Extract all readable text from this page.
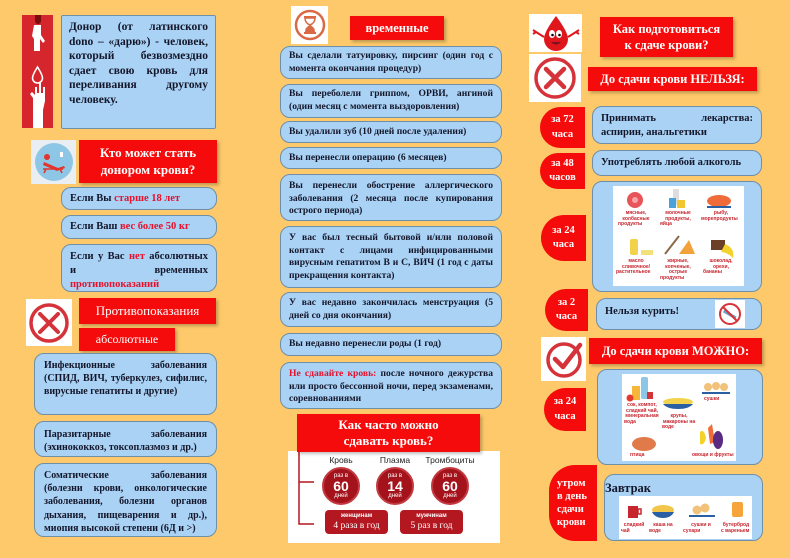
Донор (от латинского dono – «дарю») - человек, который безвозмездно сдает свою кровь для переливания другому человеку.
Кто может стать донором крови?
Если Вы старше 18 лет
Если Ваш вес более 50 кг
Если у Вас нет абсолютных и временных противопоказаний
Противопоказания
абсолютные
Инфекционные заболевания (СПИД, ВИЧ, туберкулез, сифилис, вирусные гепатиты и другие)
Паразитарные заболевания (эхинококкоз, токсоплазмоз и др.)
Соматические заболевания (болезни крови, онкологические заболевания, болезни органов дыхания, пищеварения и др.), миопия высокой степени (6Д и >)
временные
Вы сделали татуировку, пирсинг (один год с момента окончания процедур)
Вы переболели гриппом, ОРВИ, ангиной (один месяц с момента выздоровления)
Вы удалили зуб (10 дней после удаления)
Вы перенесли операцию (6 месяцев)
Вы перенесли обострение аллергического заболевания (2 месяца после купирования острого периода)
У вас был тесный бытовой и/или половой контакт с лицами инфицированными вирусным гепатитом В и С, ВИЧ (1 год с даты прекращения контакта)
У вас недавно закончилась менструация (5 дней со дня окончания)
Вы недавно перенесли роды (1 год)
Не сдавайте кровь: после ночного дежурства или просто бессонной ночи, перед экзаменами, соревнованиями
Как часто можно сдавать кровь?
Кровь	Плазма	Тромбоциты
раз в
60
дней
раз в
14
дней
раз в
60
дней
женщинам
4 раза в год
мужчинам
5 раз в год
Как подготовиться к сдаче крови?
До сдачи крови НЕЛЬЗЯ:
за 72 часа
Принимать лекарства: аспирин, анальгетики
за 48 часов
Употреблять любой алкоголь
за 24 часа
мясные, колбасные продукты
молочные продукты, яйца
рыбу, морепродукты
масло сливочное/ растительное
жирные, копченые, острые продукты
шоколад, орехи, бананы
за 2 часа	Нельзя курить!
До сдачи крови МОЖНО:
за 24 часа
сок, компот, сладкий чай, минеральная вода
крупы, макароны на воде
сушки
птица	овощи и фрукты
утром в день сдачи крови
Завтрак
сладкий чай
каша на воде
сушки и сухари
бутерброд с вареньем
